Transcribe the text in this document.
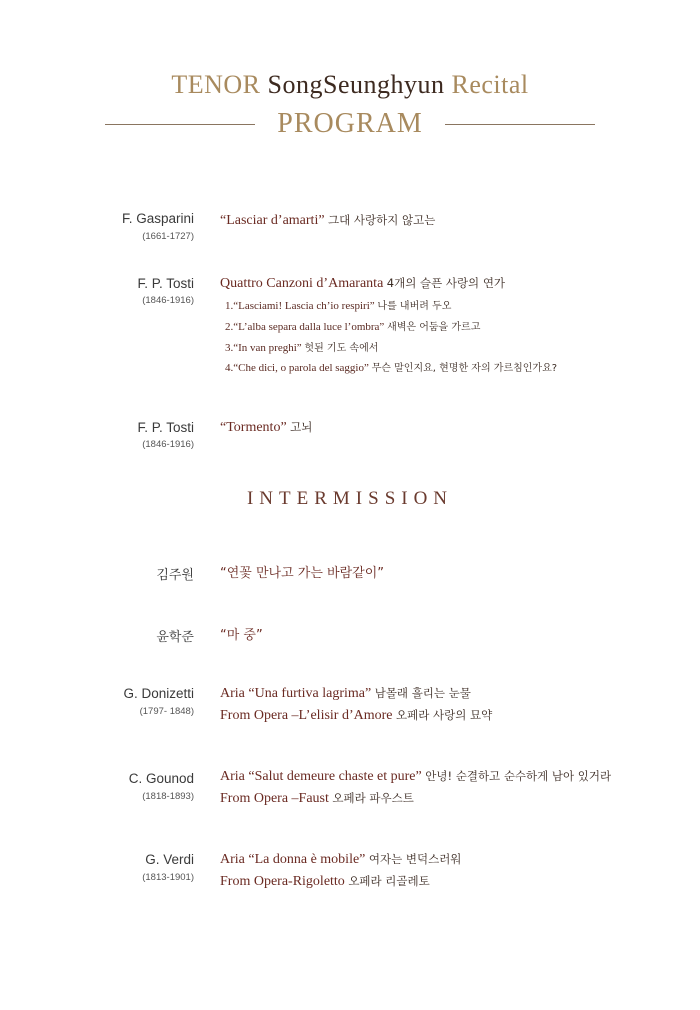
TENOR SongSeunghyun Recital
PROGRAM
F. Gasparini
(1661-1727)
“Lasciar d’amarti” 그대 사랑하지 않고는
F. P. Tosti
(1846-1916)
Quattro Canzoni d’Amaranta 4개의 슬픈 사랑의 연가
1.“Lasciami! Lascia ch’io respiri” 나를 내버려 두오
2.“L’alba separa dalla luce l’ombra” 새벽은 어둠을 가르고
3.“In van preghi” 헛된 기도 속에서
4.“Che dici, o parola del saggio” 무슨 말인지요, 현명한 자의 가르침인가요?
F. P. Tosti
(1846-1916)
“Tormento” 고뇌
INTERMISSION
김주원 “연꽃 만나고 가는 바람같이”
윤학준 “마 중”
G. Donizetti
(1797- 1848)
Aria “Una furtiva lagrima” 남몰래 흘리는 눈물
From Opera –L’elisir d’Amore 오페라 사랑의 묘약
C. Gounod
(1818-1893)
Aria “Salut demeure chaste et pure” 안녕! 순결하고 순수하게 남아 있거라
From Opera –Faust 오페라 파우스트
G. Verdi
(1813-1901)
Aria “La donna è mobile” 여자는 변덕스러워
From Opera-Rigoletto 오페라 리골레토
